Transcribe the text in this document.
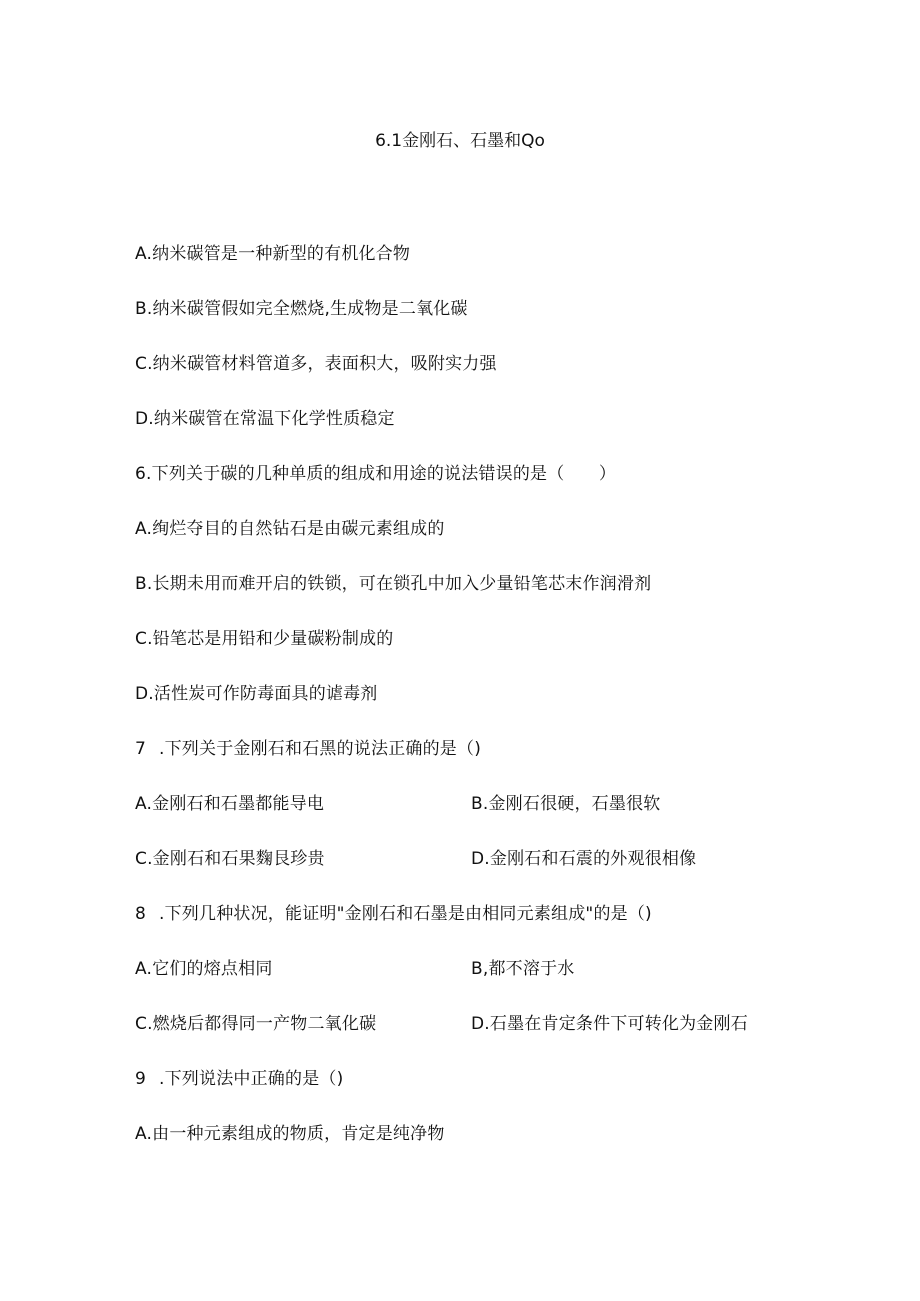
6.1金刚石、石墨和Qo
A.纳米碳管是一种新型的有机化合物
B.纳米碳管假如完全燃烧,生成物是二氧化碳
C.纳米碳管材料管道多，表面积大，吸附实力强
D.纳米碳管在常温下化学性质稳定
6.下列关于碳的几种单质的组成和用途的说法错误的是（　　）
A.绚烂夺目的自然钻石是由碳元素组成的
B.长期未用而难开启的铁锁，可在锁孔中加入少量铅笔芯末作润滑剂
C.铅笔芯是用铅和少量碳粉制成的
D.活性炭可作防毒面具的谑毒剂
7 .下列关于金刚石和石黑的说法正确的是（)
A.金刚石和石墨都能导电	B.金刚石很硬，石墨很软
C.金刚石和石果麴艮珍贵	D.金刚石和石震的外观很相像
8 .下列几种状况，能证明"金刚石和石墨是由相同元素组成"的是（)
A.它们的熔点相同	B,都不溶于水
C.燃烧后都得同一产物二氧化碳	D.石墨在肯定条件下可转化为金刚石
9 .下列说法中正确的是（)
A.由一种元素组成的物质，肯定是纯净物
